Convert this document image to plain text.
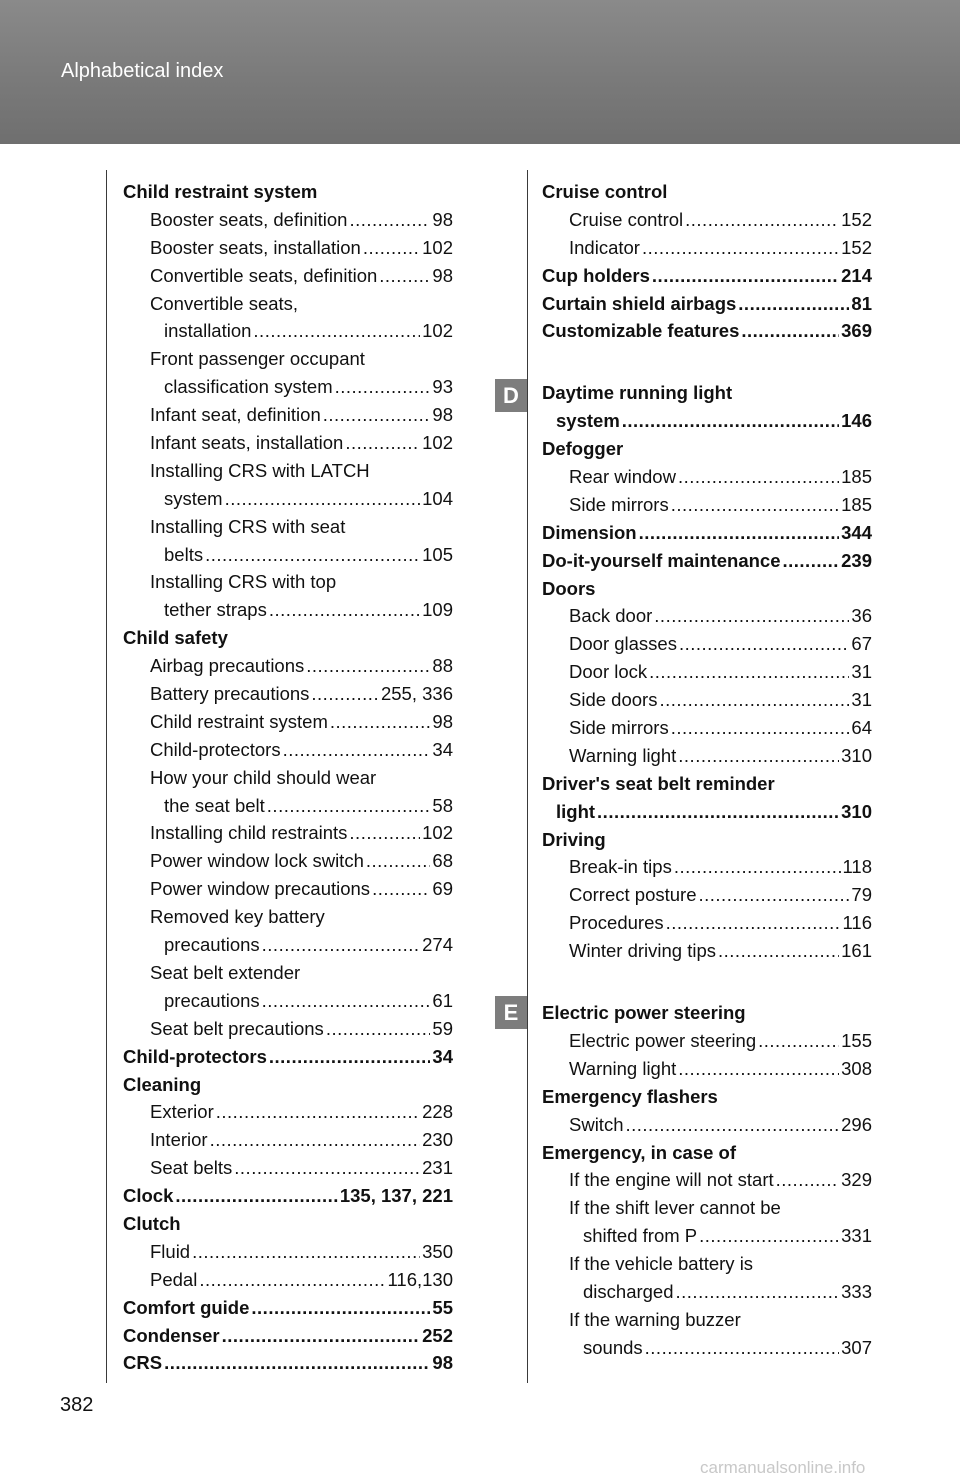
Alphabetical index
Child restraint system
Booster seats, definition .....	98
Booster seats, installation .....	102
Convertible seats, definition .....	98
Convertible seats,
installation .....	102
Front passenger occupant
classification system .....	93
Infant seat, definition .....	98
Infant seats, installation .....	102
Installing CRS with LATCH
system .....	104
Installing CRS with seat
belts .....	105
Installing CRS with top
tether straps .....	109
Child safety
Airbag precautions .....	88
Battery precautions .....	255, 336
Child restraint system .....	98
Child-protectors .....	34
How your child should wear
the seat belt .....	58
Installing child restraints .....	102
Power window lock switch .....	68
Power window precautions .....	69
Removed key battery
precautions .....	274
Seat belt extender
precautions .....	61
Seat belt precautions .....	59
Child-protectors .....	34
Cleaning
Exterior .....	228
Interior .....	230
Seat belts .....	231
Clock .....	135, 137, 221
Clutch
Fluid .....	350
Pedal .....	116,130
Comfort guide .....	55
Condenser .....	252
CRS .....	98
Cruise control
Cruise control .....	152
Indicator .....	152
Cup holders .....	214
Curtain shield airbags .....	81
Customizable features .....	369
Daytime running light
system .....	146
Defogger
Rear window .....	185
Side mirrors .....	185
Dimension .....	344
Do-it-yourself maintenance .....	239
Doors
Back door .....	36
Door glasses .....	67
Door lock .....	31
Side doors .....	31
Side mirrors .....	64
Warning light .....	310
Driver's seat belt reminder
light .....	310
Driving
Break-in tips .....	118
Correct posture .....	79
Procedures .....	116
Winter driving tips .....	161
Electric power steering
Electric power steering .....	155
Warning light .....	308
Emergency flashers
Switch .....	296
Emergency, in case of
If the engine will not start .....	329
If the shift lever cannot be
shifted from P .....	331
If the vehicle battery is
discharged .....	333
If the warning buzzer
sounds .....	307
D
E
382
carmanualsonline.info
